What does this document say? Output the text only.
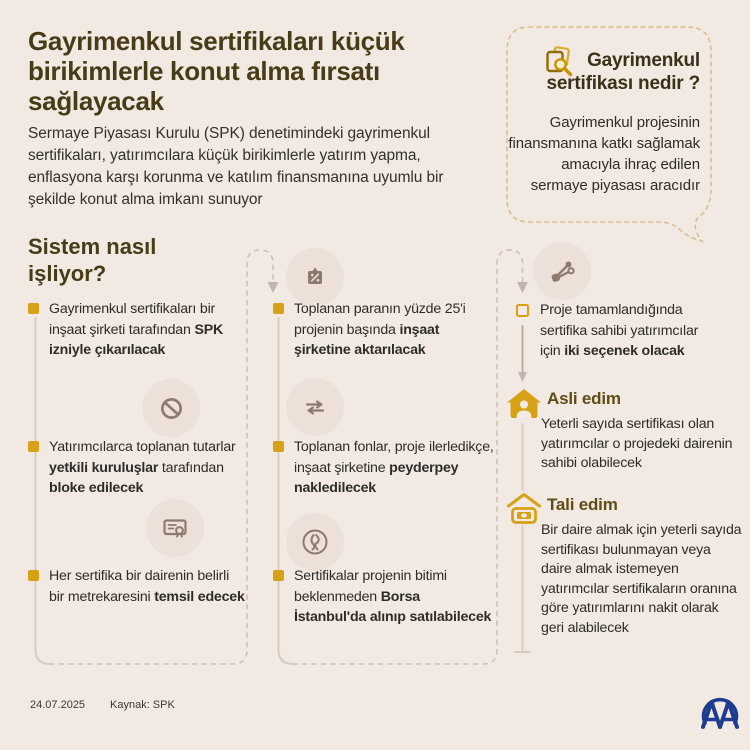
Gayrimenkul sertifikaları küçük birikimlerle konut alma fırsatı sağlayacak

Sermaye Piyasası Kurulu (SPK) denetimindeki gayrimenkul sertifikaları, yatırımcılara küçük birikimlerle yatırım yapma, enflasyona karşı korunma ve katılım finansmanına uyumlu bir şekilde konut alma imkanı sunuyor

Gayrimenkul sertifikası nedir ?
Gayrimenkul projesinin finansmanına katkı sağlamak amacıyla ihraç edilen sermaye piyasası aracıdır
Sistem nasıl işliyor?
Gayrimenkul sertifikaları bir inşaat şirketi tarafından SPK izniyle çıkarılacak
Yatırımcılarca toplanan tutarlar yetkili kuruluşlar tarafından bloke edilecek
Her sertifika bir dairenin belirli bir metrekaresini temsil edecek
Toplanan paranın yüzde 25'i projenin başında inşaat şirketine aktarılacak
Toplanan fonlar, proje ilerledikçe, inşaat şirketine peyderpey nakledilecek
Sertifikalar projenin bitimi beklenmeden Borsa İstanbul'da alınıp satılabilecek
Proje tamamlandığında sertifika sahibi yatırımcılar için iki seçenek olacak
Asli edim
Yeterli sayıda sertifikası olan yatırımcılar o projedeki dairenin sahibi olabilecek
Tali edim
Bir daire almak için yeterli sayıda sertifikası bulunmayan veya daire almak istemeyen yatırımcılar sertifikaların oranına göre yatırımlarını nakit olarak geri alabilecek
24.07.2025 Kaynak: SPK
